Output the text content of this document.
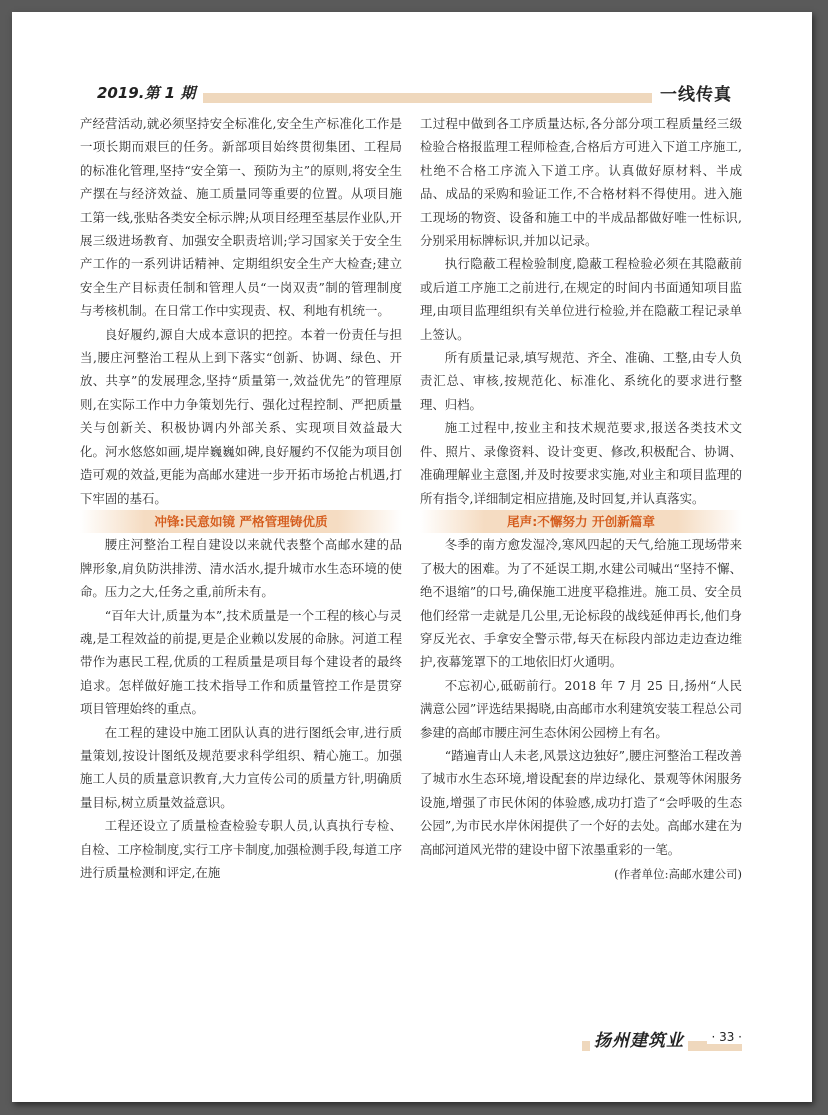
2019.第 1 期	一线传真

产经营活动,就必须坚持安全标准化,安全生产标准化工作是一项长期而艰巨的任务。新部项目始终贯彻集团、工程局的标准化管理,坚持“安全第一、预防为主”的原则,将安全生产摆在与经济效益、施工质量同等重要的位置。从项目施工第一线,张贴各类安全标示牌;从项目经理至基层作业队,开展三级进场教育、加强安全职责培训;学习国家关于安全生产工作的一系列讲话精神、定期组织安全生产大检查;建立安全生产目标责任制和管理人员“一岗双责”制的管理制度与考核机制。在日常工作中实现责、权、利地有机统一。

良好履约,源自大成本意识的把控。本着一份责任与担当,腰庄河整治工程从上到下落实“创新、协调、绿色、开放、共享”的发展理念,坚持“质量第一,效益优先”的管理原则,在实际工作中力争策划先行、强化过程控制、严把质量关与创新关、积极协调内外部关系、实现项目效益最大化。河水悠悠如画,堤岸巍巍如碑,良好履约不仅能为项目创造可观的效益,更能为高邮水建进一步开拓市场抢占机遇,打下牢固的基石。

冲锋:民意如镜 严格管理铸优质

腰庄河整治工程自建设以来就代表整个高邮水建的品牌形象,肩负防洪排涝、清水活水,提升城市水生态环境的使命。压力之大,任务之重,前所未有。

“百年大计,质量为本”,技术质量是一个工程的核心与灵魂,是工程效益的前提,更是企业赖以发展的命脉。河道工程带作为惠民工程,优质的工程质量是项目每个建设者的最终追求。怎样做好施工技术指导工作和质量管控工作是贯穿项目管理始终的重点。

在工程的建设中施工团队认真的进行图纸会审,进行质量策划,按设计图纸及规范要求科学组织、精心施工。加强施工人员的质量意识教育,大力宣传公司的质量方针,明确质量目标,树立质量效益意识。

工程还设立了质量检查检验专职人员,认真执行专检、自检、工序检制度,实行工序卡制度,加强检测手段,每道工序进行质量检测和评定,在施

工过程中做到各工序质量达标,各分部分项工程质量经三级检验合格报监理工程师检查,合格后方可进入下道工序施工,杜绝不合格工序流入下道工序。认真做好原材料、半成品、成品的采购和验证工作,不合格材料不得使用。进入施工现场的物资、设备和施工中的半成品都做好唯一性标识,分别采用标牌标识,并加以记录。

执行隐蔽工程检验制度,隐蔽工程检验必须在其隐蔽前或后道工序施工之前进行,在规定的时间内书面通知项目监理,由项目监理组织有关单位进行检验,并在隐蔽工程记录单上签认。

所有质量记录,填写规范、齐全、准确、工整,由专人负责汇总、审核,按规范化、标准化、系统化的要求进行整理、归档。

施工过程中,按业主和技术规范要求,报送各类技术文件、照片、录像资料、设计变更、修改,积极配合、协调、准确理解业主意图,并及时按要求实施,对业主和项目监理的所有指令,详细制定相应措施,及时回复,并认真落实。

尾声:不懈努力 开创新篇章

冬季的南方愈发湿冷,寒风四起的天气,给施工现场带来了极大的困难。为了不延误工期,水建公司喊出“坚持不懈、绝不退缩”的口号,确保施工进度平稳推进。施工员、安全员他们经常一走就是几公里,无论标段的战线延伸再长,他们身穿反光衣、手拿安全警示带,每天在标段内部边走边查边维护,夜幕笼罩下的工地依旧灯火通明。

不忘初心,砥砺前行。2018 年 7 月 25 日,扬州“人民满意公园”评选结果揭晓,由高邮市水利建筑安装工程总公司参建的高邮市腰庄河生态休闲公园榜上有名。

“踏遍青山人未老,风景这边独好”,腰庄河整治工程改善了城市水生态环境,增设配套的岸边绿化、景观等休闲服务设施,增强了市民休闲的体验感,成功打造了“会呼吸的生态公园”,为市民水岸休闲提供了一个好的去处。高邮水建在为高邮河道风光带的建设中留下浓墨重彩的一笔。

(作者单位:高邮水建公司)
扬州建筑业	· 33 ·
